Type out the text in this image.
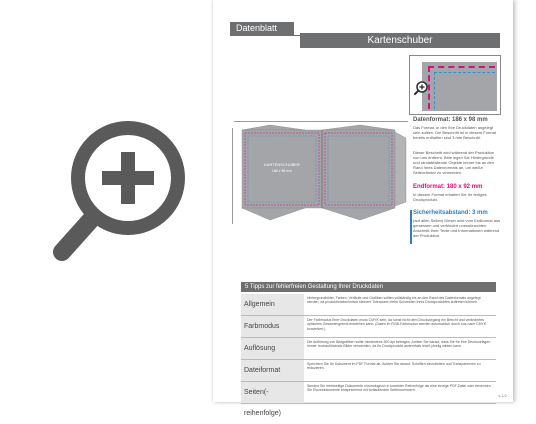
Datenblatt
Kartenschuber
Datenformat: 186 x 98 mm
Das Format, in den Ihre Druckdaten angelegt sein sollten. Die Beschnitt ist in diesem Format bereits enthalten sind 3 mm Beschnitt.
Dieser Beschnitt wird während der Produktion von uns entfernt. Bitte legen Sie Hintergründe und randabfallende Objekte immer bis an den Rand Ihres Datenformats an, um weiße Seitenränder zu vermeiden.
Endformat: 180 x 92 mm
In diesem Format erhalten Sie Ihr fertiges Druckprodukt.
Sicherheitsabstand: 3 mm
(auf allen Seiten) Dieser wird vom Endformat aus gemessen und verhindert unerwünschten Anschnitt Ihrer Texte und Informationen während der Produktion.
KARTENSCHUBER
186 x 98 mm
5 Tipps zur fehlerfreien Gestaltung Ihrer Druckdaten
Allgemein
Hintergrundbilder, Farben, Verläufe und Grafiken sollten vollständig bis an den Rand des Datenformats angelegt werden, da produktionstechnisch kleinere Toleranzen beim Schneiden Ihres Druckproduktes auftreten können.
Farbmodus
Der Farbmodus Ihrer Druckdaten muss CMYK sein, da sonst nicht dem Druckvorgang ein Bericht und verändertes optisches Gesamtergebnis entstehen kann. (Daten im RGB-Farbmodus werden automatisch durch uns nach CMYK konvertiert.)
Auflösung
Die Auflösung von Bildgrafiken sollte mindestens 300 dpi betragen. Achten Sie darauf, dass Sie für Ihre Druckvorlagen immer hochauflösende Bilder verwenden, da Ihr Druckprodukt andernfalls leicht pixelig wirken kann.
Dateiformat
Speichern Sie Ihr Dokument im PDF Format ab. Achten Sie darauf, Schriften einzubetten und Transparenzen zu reduzieren.
Seiten(-reihenfolge)
Senden Sie mehrseitige Dokumente chronologisch in korrekter Reihenfolge als eine einzige PDF-Datei oder benennen Sie Einzeldokumente entsprechend mit fortlaufenden Seitennummern.
s.1/2
